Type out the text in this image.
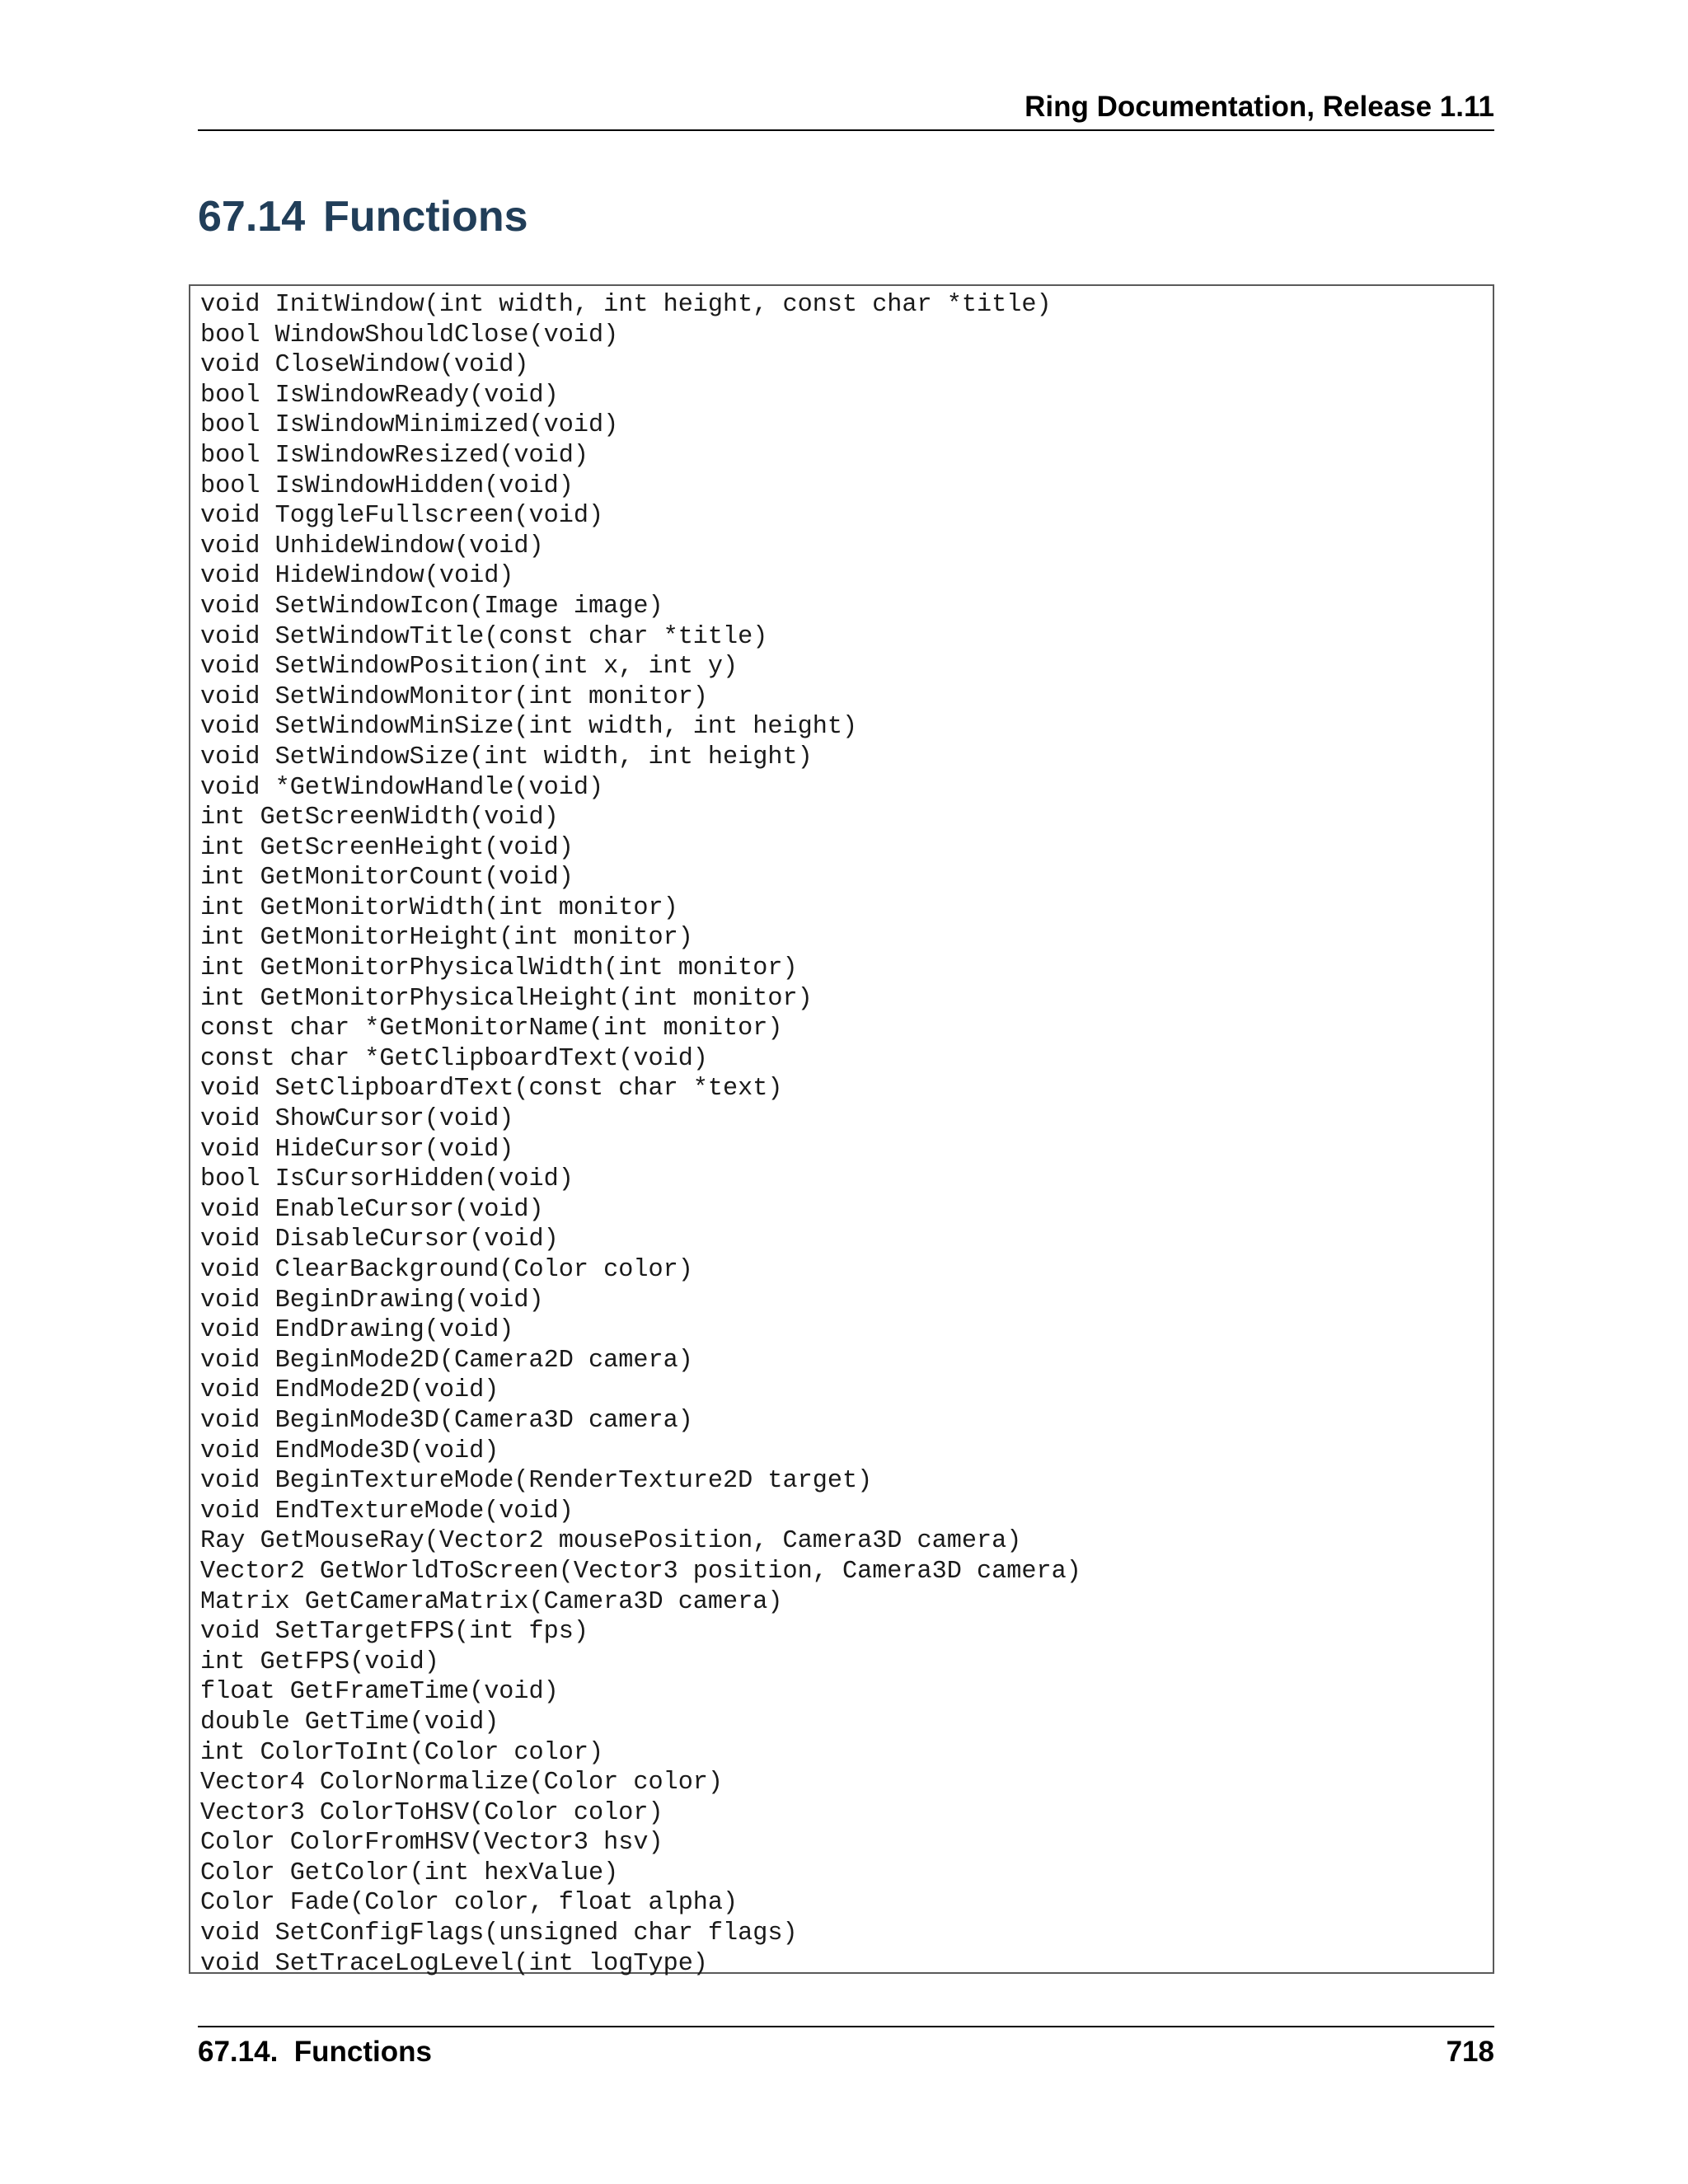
Ring Documentation, Release 1.11
67.14 Functions
void InitWindow(int width, int height, const char *title)
bool WindowShouldClose(void)
void CloseWindow(void)
bool IsWindowReady(void)
bool IsWindowMinimized(void)
bool IsWindowResized(void)
bool IsWindowHidden(void)
void ToggleFullscreen(void)
void UnhideWindow(void)
void HideWindow(void)
void SetWindowIcon(Image image)
void SetWindowTitle(const char *title)
void SetWindowPosition(int x, int y)
void SetWindowMonitor(int monitor)
void SetWindowMinSize(int width, int height)
void SetWindowSize(int width, int height)
void *GetWindowHandle(void)
int GetScreenWidth(void)
int GetScreenHeight(void)
int GetMonitorCount(void)
int GetMonitorWidth(int monitor)
int GetMonitorHeight(int monitor)
int GetMonitorPhysicalWidth(int monitor)
int GetMonitorPhysicalHeight(int monitor)
const char *GetMonitorName(int monitor)
const char *GetClipboardText(void)
void SetClipboardText(const char *text)
void ShowCursor(void)
void HideCursor(void)
bool IsCursorHidden(void)
void EnableCursor(void)
void DisableCursor(void)
void ClearBackground(Color color)
void BeginDrawing(void)
void EndDrawing(void)
void BeginMode2D(Camera2D camera)
void EndMode2D(void)
void BeginMode3D(Camera3D camera)
void EndMode3D(void)
void BeginTextureMode(RenderTexture2D target)
void EndTextureMode(void)
Ray GetMouseRay(Vector2 mousePosition, Camera3D camera)
Vector2 GetWorldToScreen(Vector3 position, Camera3D camera)
Matrix GetCameraMatrix(Camera3D camera)
void SetTargetFPS(int fps)
int GetFPS(void)
float GetFrameTime(void)
double GetTime(void)
int ColorToInt(Color color)
Vector4 ColorNormalize(Color color)
Vector3 ColorToHSV(Color color)
Color ColorFromHSV(Vector3 hsv)
Color GetColor(int hexValue)
Color Fade(Color color, float alpha)
void SetConfigFlags(unsigned char flags)
void SetTraceLogLevel(int logType)
67.14.  Functions	718
